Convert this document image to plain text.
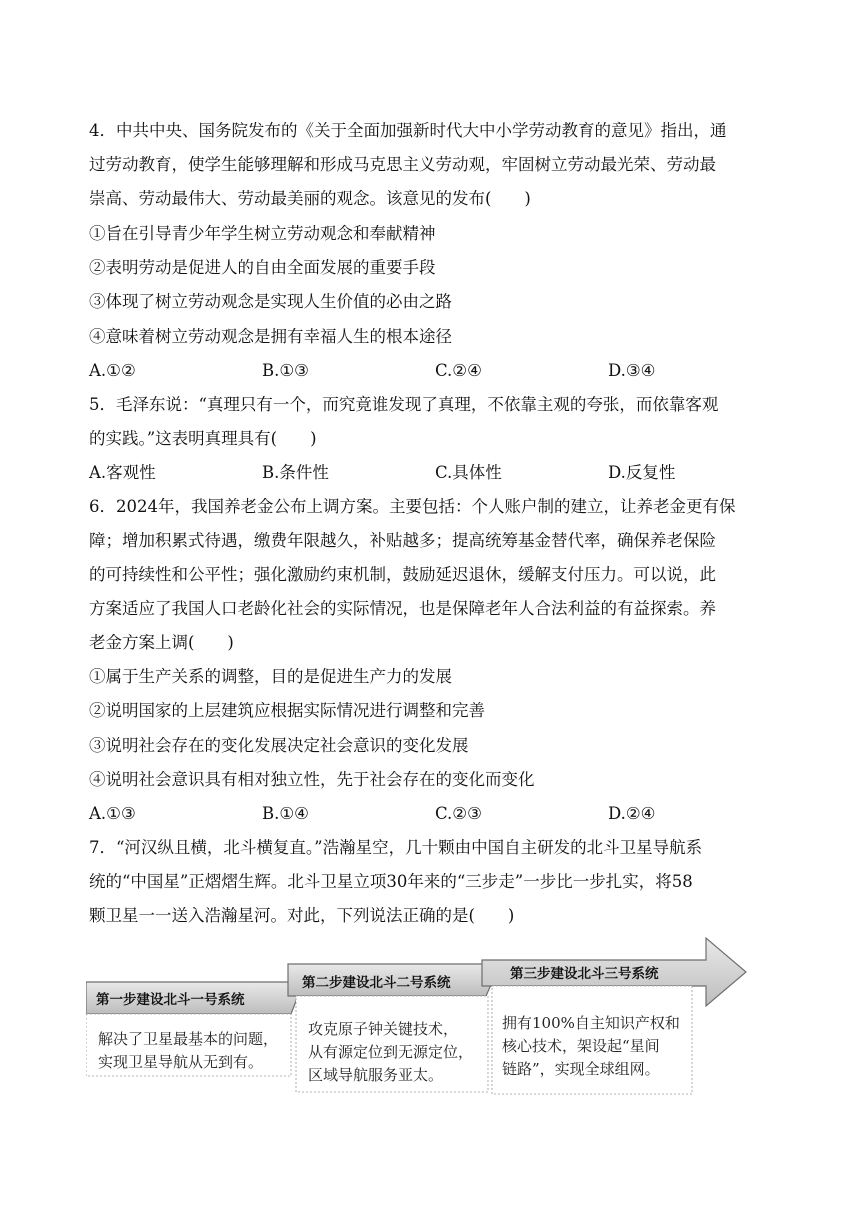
4．中共中央、国务院发布的《关于全面加强新时代大中小学劳动教育的意见》指出，通
过劳动教育，使学生能够理解和形成马克思主义劳动观，牢固树立劳动最光荣、劳动最
崇高、劳动最伟大、劳动最美丽的观念。该意见的发布(　　)
①旨在引导青少年学生树立劳动观念和奉献精神
②表明劳动是促进人的自由全面发展的重要手段
③体现了树立劳动观念是实现人生价值的必由之路
④意味着树立劳动观念是拥有幸福人生的根本途径
A.①②	B.①③	C.②④	D.③④
5．毛泽东说：“真理只有一个，而究竟谁发现了真理，不依靠主观的夸张，而依靠客观
的实践。”这表明真理具有(　　)
A.客观性	B.条件性	C.具体性	D.反复性
6．2024年，我国养老金公布上调方案。主要包括：个人账户制的建立，让养老金更有保
障；增加积累式待遇，缴费年限越久，补贴越多；提高统筹基金替代率，确保养老保险
的可持续性和公平性；强化激励约束机制，鼓励延迟退休，缓解支付压力。可以说，此
方案适应了我国人口老龄化社会的实际情况，也是保障老年人合法利益的有益探索。养
老金方案上调(　　)
①属于生产关系的调整，目的是促进生产力的发展
②说明国家的上层建筑应根据实际情况进行调整和完善
③说明社会存在的变化发展决定社会意识的变化发展
④说明社会意识具有相对独立性，先于社会存在的变化而变化
A.①③	B.①④	C.②③	D.②④
7．“河汉纵且横，北斗横复直。”浩瀚星空，几十颗由中国自主研发的北斗卫星导航系
统的“中国星”正熠熠生辉。北斗卫星立项30年来的“三步走”一步比一步扎实，将58
颗卫星一一送入浩瀚星河。对此，下列说法正确的是(　　)
第一步建设北斗一号系统
第二步建设北斗二号系统
第三步建设北斗三号系统
解决了卫星最基本的问题，
实现卫星导航从无到有。
攻克原子钟关键技术，
从有源定位到无源定位，
区域导航服务亚太。
拥有100%自主知识产权和
核心技术，架设起“星间
链路”，实现全球组网。
